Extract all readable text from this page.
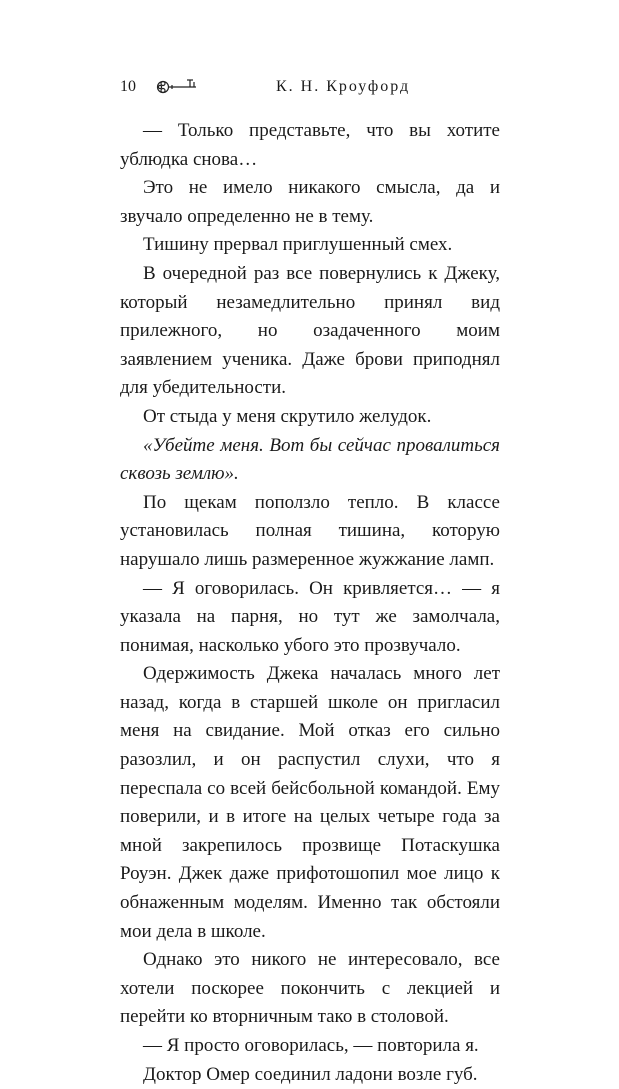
10	К. Н. Кроуфорд

— Только представьте, что вы хотите ублюдка снова…

Это не имело никакого смысла, да и звучало определенно не в тему.

Тишину прервал приглушенный смех.

В очередной раз все повернулись к Джеку, который незамедлительно принял вид прилежного, но озадаченного моим заявлением ученика. Даже брови приподнял для убедительности.

От стыда у меня скрутило желудок.

«Убейте меня. Вот бы сейчас провалиться сквозь землю».

По щекам поползло тепло. В классе установилась полная тишина, которую нарушало лишь размеренное жужжание ламп.

— Я оговорилась. Он кривляется… — я указала на парня, но тут же замолчала, понимая, насколько убого это прозвучало.

Одержимость Джека началась много лет назад, когда в старшей школе он пригласил меня на свидание. Мой отказ его сильно разозлил, и он распустил слухи, что я переспала со всей бейсбольной командой. Ему поверили, и в итоге на целых четыре года за мной закрепилось прозвище Потаскушка Роуэн. Джек даже прифотошопил мое лицо к обнаженным моделям. Именно так обстояли мои дела в школе.

Однако это никого не интересовало, все хотели поскорее покончить с лекцией и перейти ко вторничным тако в столовой.

— Я просто оговорилась, — повторила я.

Доктор Омер соединил ладони возле губ.
